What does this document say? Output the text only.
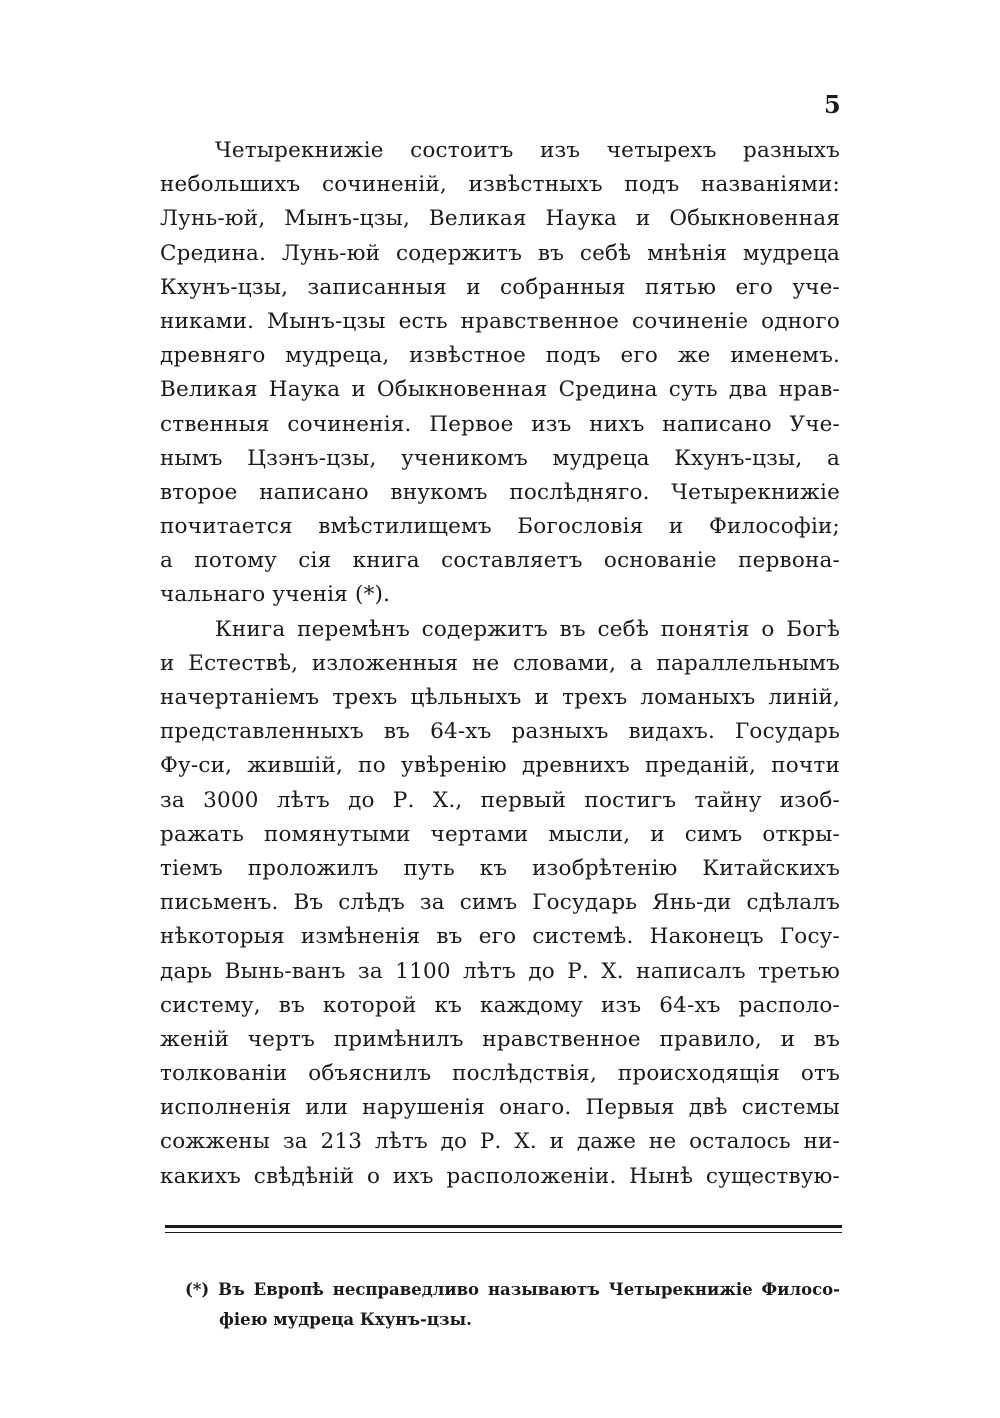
5
Четырекнижіе состоитъ изъ четырехъ разныхъ
небольшихъ сочиненій, извѣстныхъ подъ названіями:
Лунь-юй, Мынъ-цзы, Великая Наука и Обыкновенная
Средина. Лунь-юй содержитъ въ себѣ мнѣнія мудреца
Кхунъ-цзы, записанныя и собранныя пятью его уче-
никами. Мынъ-цзы есть нравственное сочиненіе одного
древняго мудреца, извѣстное подъ его же именемъ.
Великая Наука и Обыкновенная Средина суть два нрав-
ственныя сочиненія. Первое изъ нихъ написано Уче-
нымъ Цзэнъ-цзы, ученикомъ мудреца Кхунъ-цзы, а
второе написано внукомъ послѣдняго. Четырекнижіе
почитается вмѣстилищемъ Богословія и Философіи;
а потому сія книга составляетъ основаніе первона-
чальнаго ученія (*).
Книга перемѣнъ содержитъ въ себѣ понятія о Богѣ
и Естествѣ, изложенныя не словами, а параллельнымъ
начертаніемъ трехъ цѣльныхъ и трехъ ломаныхъ линій,
представленныхъ въ 64-хъ разныхъ видахъ. Государь
Фу-си, жившій, по увѣренію древнихъ преданій, почти
за 3000 лѣтъ до Р. Х., первый постигъ тайну изоб-
ражать помянутыми чертами мысли, и симъ откры-
тіемъ проложилъ путь къ изобрѣтенію Китайскихъ
письменъ. Въ слѣдъ за симъ Государь Янь-ди сдѣлалъ
нѣкоторыя измѣненія въ его системѣ. Наконецъ Госу-
дарь Вынь-ванъ за 1100 лѣтъ до Р. Х. написалъ третью
систему, въ которой къ каждому изъ 64-хъ располо-
женій чертъ примѣнилъ нравственное правило, и въ
толкованіи объяснилъ послѣдствія, происходящія отъ
исполненія или нарушенія онаго. Первыя двѣ системы
сожжены за 213 лѣтъ до Р. Х. и даже не осталось ни-
какихъ свѣдѣній о ихъ расположеніи. Нынѣ существую-
(*) Въ Европѣ несправедливо называютъ Четырекнижіе Филосо-
фіею мудреца Кхунъ-цзы.
